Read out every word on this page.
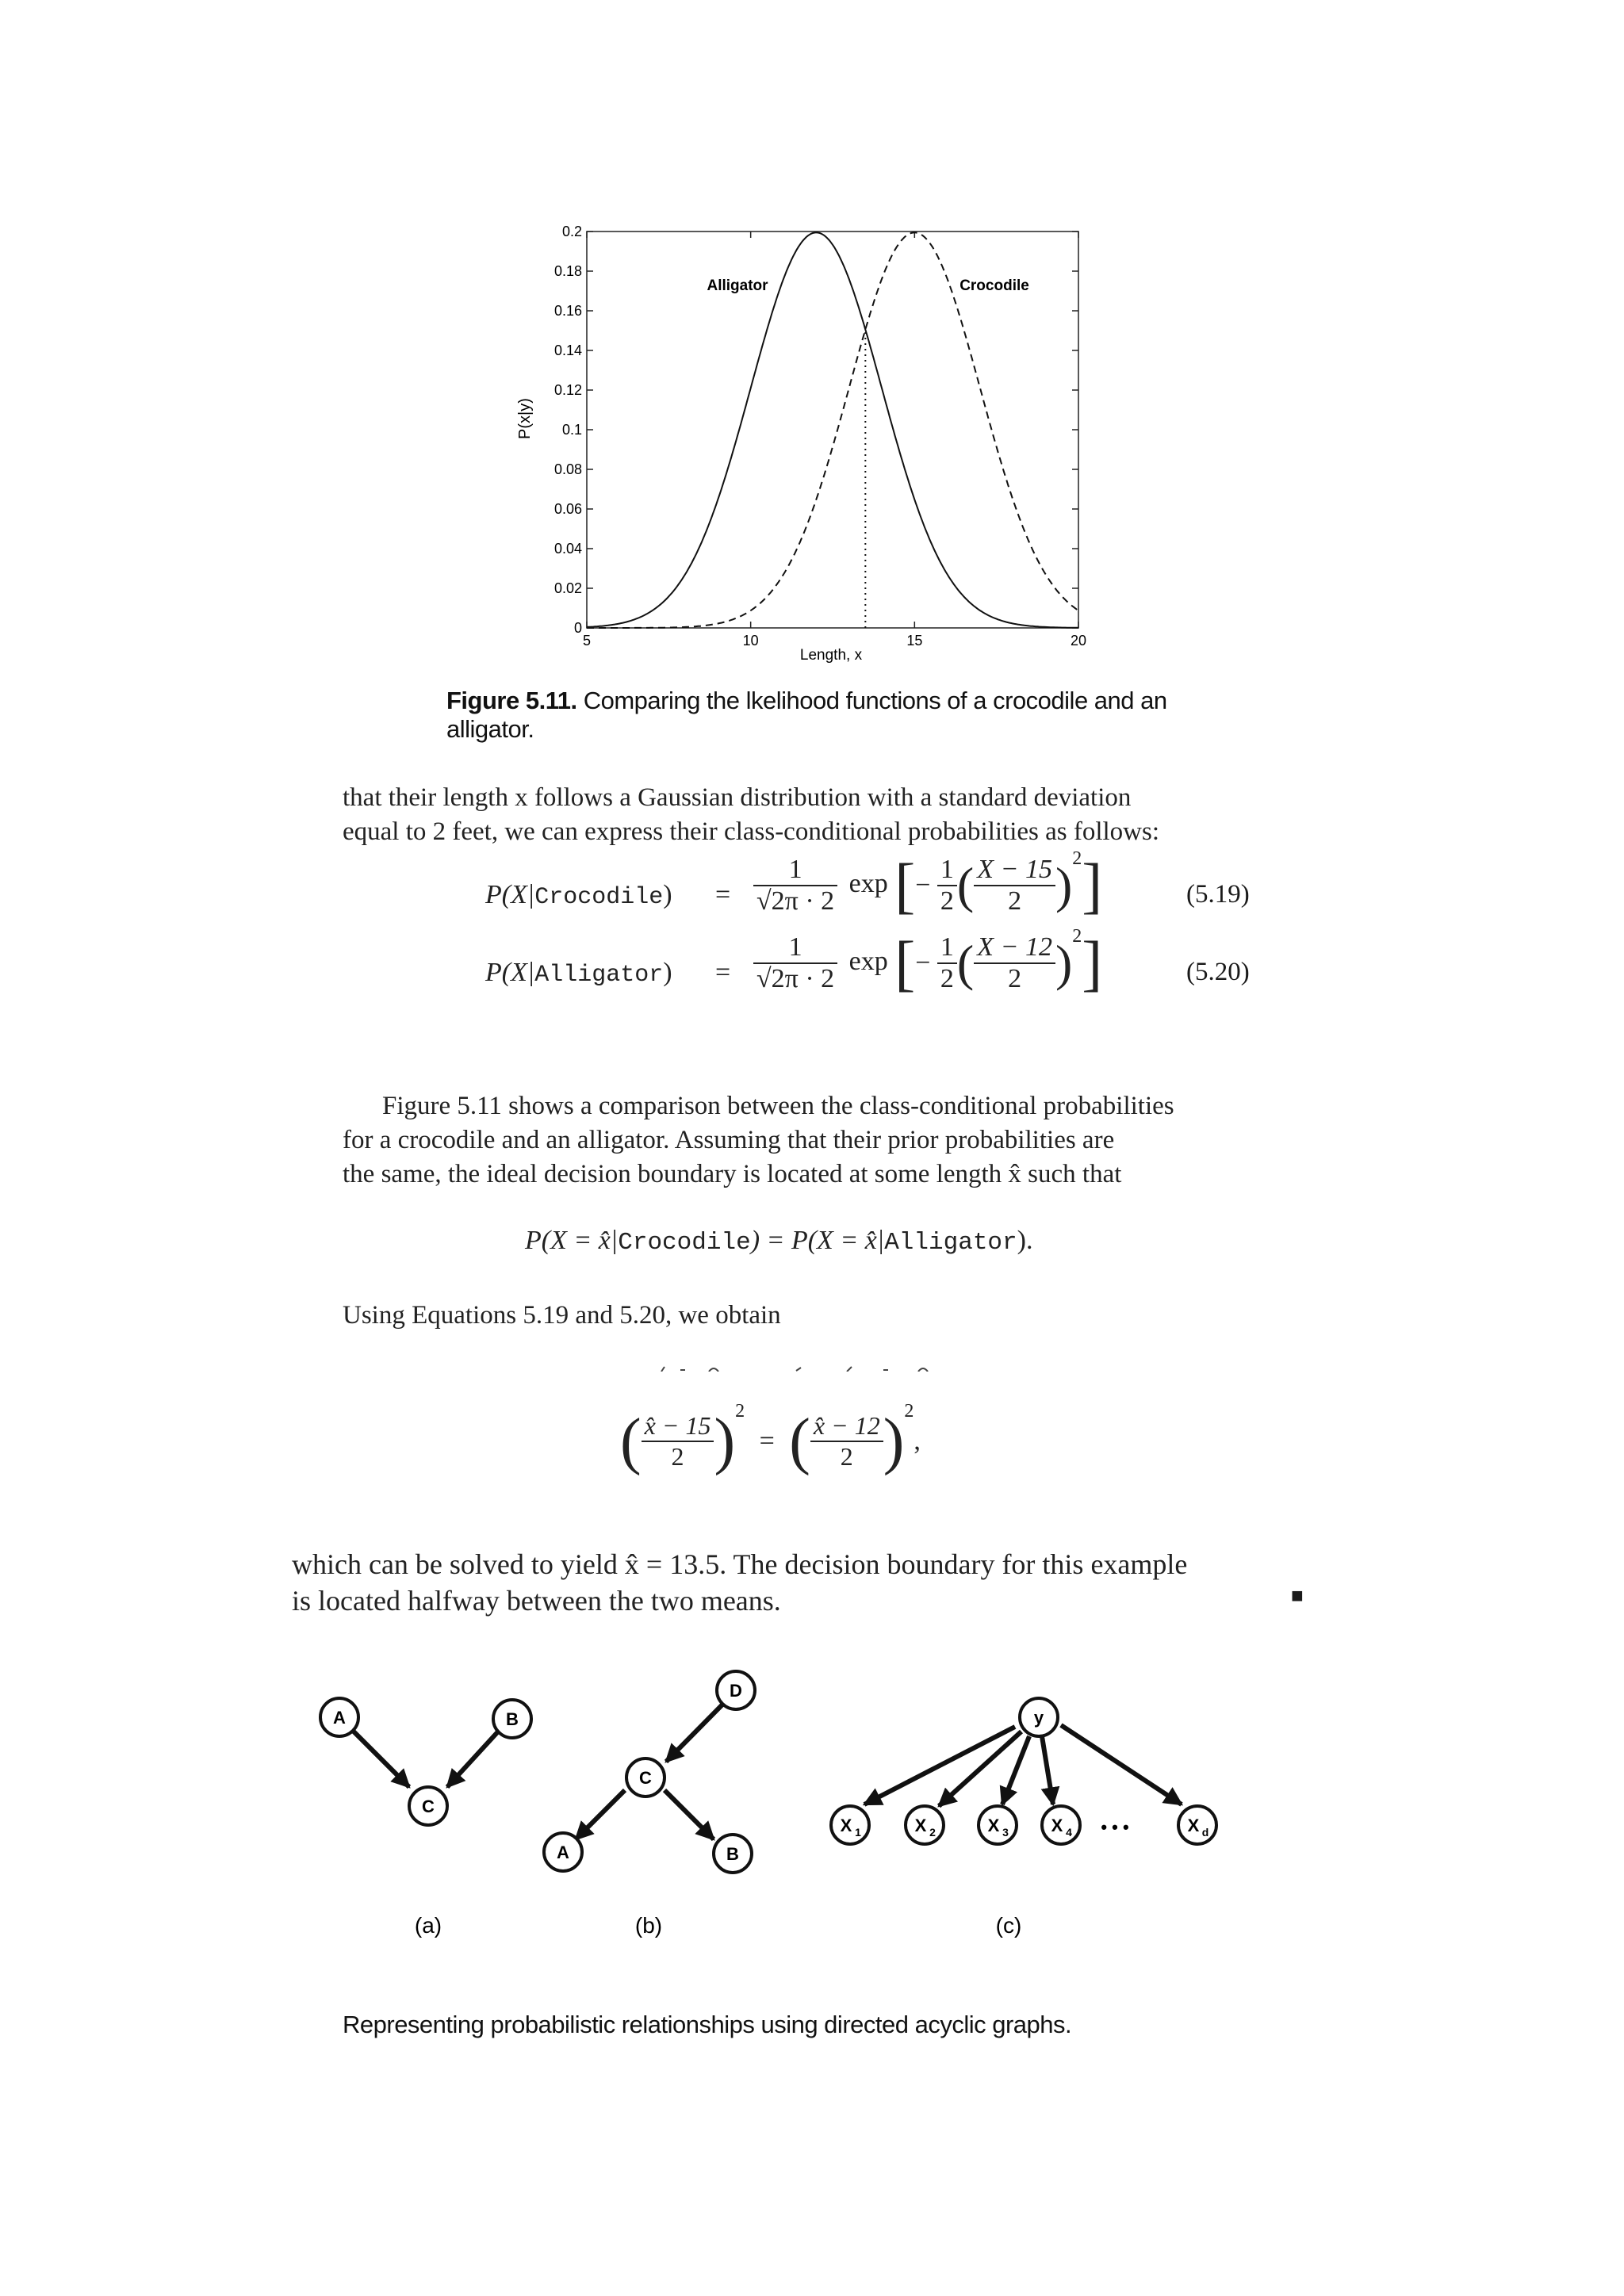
P(x|y)
Length, x
0
0.02
0.04
0.06
0.08
0.1
0.12
0.14
0.16
0.18
0.2
5	10	15	20
Alligator	Crocodile
Figure 5.11. Comparing the lkelihood functions of a crocodile and an alligator.

that their length x follows a Gaussian distribution with a standard deviation

equal to 2 feet, we can express their class-conditional probabilities as follows:

P(X|Crocodile) = $\frac{1}{√2\pi \cdot 2}$ exp [− $\frac{1}{2}$ ( $\frac{X - 15}{2} )^2$]	(5.19)
P(X|Alligator) = $\frac{1}{√2\pi \cdot 2}$ exp [− $\frac{1}{2}$ ( $\frac{X - 12}{2} )^2$]	(5.20)

Figure 5.11 shows a comparison between the class-conditional probabilities

for a crocodile and an alligator. Assuming that their prior probabilities are

the same, the ideal decision boundary is located at some length x̂ such that

P(X = x̂|Crocodile) = P(X = x̂|Alligator).

Using Equations 5.19 and 5.20, we obtain

( $\frac{x̂ - 15}{2} )^2$ = ( $\frac{x̂ - 12}{2} )^2$,

which can be solved to yield x̂ = 13.5. The decision boundary for this example

is located halfway between the two means.	■
A	B
C
D
C
A	B
y
X 1	X 2	X 3 X 4	X d
(a)	(b)	(c)
• • •
Representing probabilistic relationships using directed acyclic graphs.
